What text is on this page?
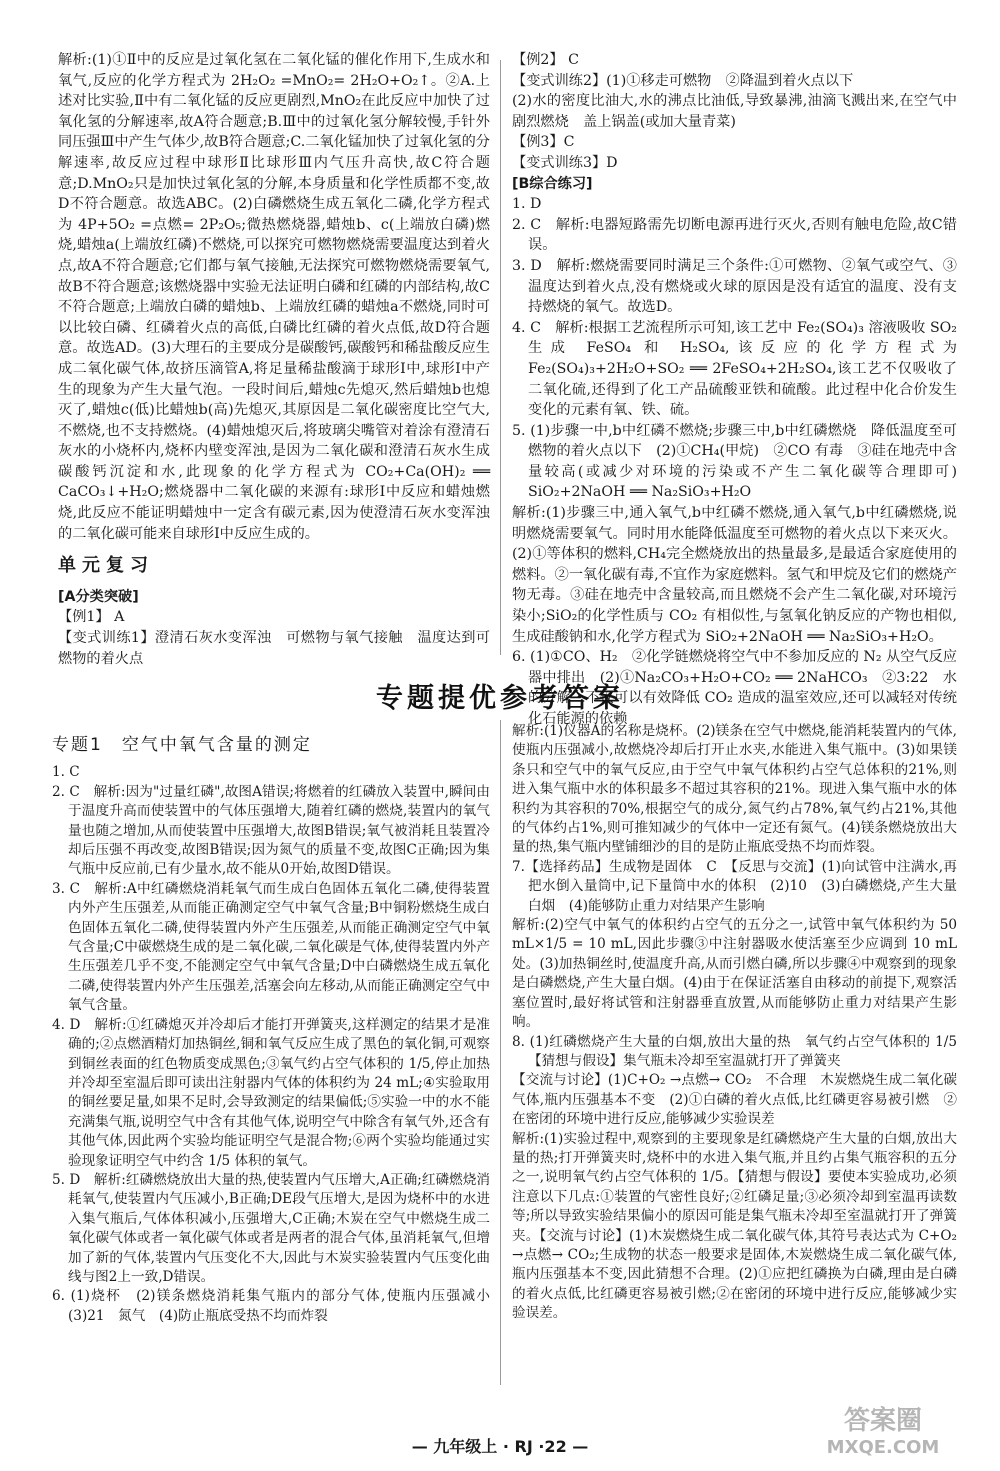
解析:(1)①Ⅱ中的反应是过氧化氢在二氧化锰的催化作用下,生成水和氧气,反应的化学方程式为 2H₂O₂ =MnO₂= 2H₂O+O₂↑。②A.上述对比实验,Ⅱ中有二氧化锰的反应更剧烈,MnO₂在此反应中加快了过氧化氢的分解速率,故A符合题意;B.Ⅲ中的过氧化氢分解较慢,手针外同压强Ⅲ中产生气体少,故B符合题意;C.二氧化锰加快了过氧化氢的分解速率,故反应过程中球形Ⅱ比球形Ⅲ内气压升高快,故C符合题意;D.MnO₂只是加快过氧化氢的分解,本身质量和化学性质都不变,故D不符合题意。故选ABC。(2)白磷燃烧生成五氧化二磷,化学方程式为 4P+5O₂ =点燃= 2P₂O₅;微热燃烧器,蜡烛b、c(上端放白磷)燃烧,蜡烛a(上端放红磷)不燃烧,可以探究可燃物燃烧需要温度达到着火点,故A不符合题意;它们都与氧气接触,无法探究可燃物燃烧需要氧气,故B不符合题意;该燃烧器中实验无法证明白磷和红磷的内部结构,故C不符合题意;上端放白磷的蜡烛b、上端放红磷的蜡烛a不燃烧,同时可以比较白磷、红磷着火点的高低,白磷比红磷的着火点低,故D符合题意。故选AD。(3)大理石的主要成分是碳酸钙,碳酸钙和稀盐酸反应生成二氧化碳气体,故挤压滴管A,将足量稀盐酸滴于球形Ⅰ中,球形Ⅰ中产生的现象为产生大量气泡。一段时间后,蜡烛c先熄灭,然后蜡烛b也熄灭了,蜡烛c(低)比蜡烛b(高)先熄灭,其原因是二氧化碳密度比空气大,不燃烧,也不支持燃烧。(4)蜡烛熄灭后,将玻璃尖嘴管对着涂有澄清石灰水的小烧杯内,烧杯内壁变浑浊,是因为二氧化碳和澄清石灰水生成碳酸钙沉淀和水,此现象的化学方程式为 CO₂+Ca(OH)₂ ══ CaCO₃↓+H₂O;燃烧器中二氧化碳的来源有:球形Ⅰ中反应和蜡烛燃烧,此反应不能证明蜡烛中一定含有碳元素,因为使澄清石灰水变浑浊的二氧化碳可能来自球形Ⅰ中反应生成的。

单元复习

[A分类突破]

【例1】 A

【变式训练1】澄清石灰水变浑浊　可燃物与氧气接触　温度达到可燃物的着火点

【例2】 C

【变式训练2】(1)①移走可燃物　②降温到着火点以下

(2)水的密度比油大,水的沸点比油低,导致暴沸,油滴飞溅出来,在空气中剧烈燃烧　盖上锅盖(或加大量青菜)

【例3】C

【变式训练3】D

[B综合练习]

1. D

2. C　解析:电器短路需先切断电源再进行灭火,否则有触电危险,故C错误。

3. D　解析:燃烧需要同时满足三个条件:①可燃物、②氧气或空气、③温度达到着火点,没有燃烧或火球的原因是没有适宜的温度、没有支持燃烧的氧气。故选D。

4. C　解析:根据工艺流程所示可知,该工艺中 Fe₂(SO₄)₃ 溶液吸收 SO₂ 生成 FeSO₄ 和 H₂SO₄,该反应的化学方程式为 Fe₂(SO₄)₃+2H₂O+SO₂ ══ 2FeSO₄+2H₂SO₄,该工艺不仅吸收了二氧化硫,还得到了化工产品硫酸亚铁和硫酸。此过程中化合价发生变化的元素有氧、铁、硫。

5. (1)步骤一中,b中红磷不燃烧;步骤三中,b中红磷燃烧　降低温度至可燃物的着火点以下　(2)①CH₄(甲烷)　②CO 有毒　③硅在地壳中含量较高(或减少对环境的污染或不产生二氧化碳等合理即可)　SiO₂+2NaOH ══ Na₂SiO₃+H₂O

解析:(1)步骤三中,通入氧气,b中红磷不燃烧,通入氧气,b中红磷燃烧,说明燃烧需要氧气。同时用水能降低温度至可燃物的着火点以下来灭火。(2)①等体积的燃料,CH₄完全燃烧放出的热量最多,是最适合家庭使用的燃料。②一氧化碳有毒,不宜作为家庭燃料。氢气和甲烷及它们的燃烧产物无毒。③硅在地壳中含量较高,而且燃烧不会产生二氧化碳,对环境污染小;SiO₂的化学性质与 CO₂ 有相似性,与氢氧化钠反应的产物也相似,生成硅酸钠和水,化学方程式为 SiO₂+2NaOH ══ Na₂SiO₃+H₂O。

6. (1)①CO、H₂　②化学链燃烧将空气中不参加反应的 N₂ 从空气反应器中排出　(2)①Na₂CO₃+H₂O+CO₂ ══ 2NaHCO₃　②3:22　水的分解　不仅可以有效降低 CO₂ 造成的温室效应,还可以减轻对传统化石能源的依赖

专题提优参考答案

专题1　空气中氧气含量的测定

1. C

2. C　解析:因为"过量红磷",故图A错误;将燃着的红磷放入装置中,瞬间由于温度升高而使装置中的气体压强增大,随着红磷的燃烧,装置内的氧气量也随之增加,从而使装置中压强增大,故图B错误;氧气被消耗且装置冷却后压强不再改变,故图B错误;因为氮气的质量不变,故图C正确;因为集气瓶中反应前,已有少量水,故不能从0开始,故图D错误。

3. C　解析:A中红磷燃烧消耗氧气而生成白色固体五氧化二磷,使得装置内外产生压强差,从而能正确测定空气中氧气含量;B中铜粉燃烧生成白色固体五氧化二磷,使得装置内外产生压强差,从而能正确测定空气中氧气含量;C中碳燃烧生成的是二氧化碳,二氧化碳是气体,使得装置内外产生压强差几乎不变,不能测定空气中氧气含量;D中白磷燃烧生成五氧化二磷,使得装置内外产生压强差,活塞会向左移动,从而能正确测定空气中氧气含量。

4. D　解析:①红磷熄灭并冷却后才能打开弹簧夹,这样测定的结果才是准确的;②点燃酒精灯加热铜丝,铜和氧气反应生成了黑色的氧化铜,可观察到铜丝表面的红色物质变成黑色;③氧气约占空气体积的 1/5,停止加热并冷却至室温后即可读出注射器内气体的体积约为 24 mL;④实验取用的铜丝要足量,如果不足时,会导致测定的结果偏低;⑤实验一中的水不能充满集气瓶,说明空气中含有其他气体,说明空气中除含有氧气外,还含有其他气体,因此两个实验均能证明空气是混合物;⑥两个实验均能通过实验现象证明空气中约含 1/5 体积的氧气。

5. D　解析:红磷燃烧放出大量的热,使装置内气压增大,A正确;红磷燃烧消耗氧气,使装置内气压减小,B正确;DE段气压增大,是因为烧杯中的水进入集气瓶后,气体体积减小,压强增大,C正确;木炭在空气中燃烧生成二氧化碳气体或者一氧化碳气体或者是两者的混合气体,虽消耗氧气,但增加了新的气体,装置内气压变化不大,因此与木炭实验装置内气压变化曲线与图2上一致,D错误。

6. (1)烧杯　(2)镁条燃烧消耗集气瓶内的部分气体,使瓶内压强减小　(3)21　氮气　(4)防止瓶底受热不均而炸裂

解析:(1)仪器A的名称是烧杯。(2)镁条在空气中燃烧,能消耗装置内的气体,使瓶内压强减小,故燃烧冷却后打开止水夹,水能进入集气瓶中。(3)如果镁条只和空气中的氧气反应,由于空气中氧气体积约占空气总体积的21%,则进入集气瓶中水的体积最多不超过其容积的21%。现进入集气瓶中水的体积约为其容积的70%,根据空气的成分,氮气约占78%,氧气约占21%,其他的气体约占1%,则可推知减少的气体中一定还有氮气。(4)镁条燃烧放出大量的热,集气瓶内壁铺细沙的目的是防止瓶底受热不均而炸裂。

7.【选择药品】生成物是固体　C　【反思与交流】(1)向试管中注满水,再把水倒入量筒中,记下量筒中水的体积　(2)10　(3)白磷燃烧,产生大量白烟　(4)能够防止重力对结果产生影响

解析:(2)空气中氧气的体积约占空气的五分之一,试管中氧气体积约为 50 mL×1/5 = 10 mL,因此步骤③中注射器吸水使活塞至少应调到 10 mL 处。(3)加热铜丝时,使温度升高,从而引燃白磷,所以步骤④中观察到的现象是白磷燃烧,产生大量白烟。(4)由于在保证活塞自由移动的前提下,观察活塞位置时,最好将试管和注射器垂直放置,从而能够防止重力对结果产生影响。

8. (1)红磷燃烧产生大量的白烟,放出大量的热　氧气约占空气体积的 1/5　【猜想与假设】集气瓶未冷却至室温就打开了弹簧夹

【交流与讨论】(1)C+O₂ →点燃→ CO₂　不合理　木炭燃烧生成二氧化碳气体,瓶内压强基本不变　(2)①白磷的着火点低,比红磷更容易被引燃　②在密闭的环境中进行反应,能够减少实验误差

解析:(1)实验过程中,观察到的主要现象是红磷燃烧产生大量的白烟,放出大量的热;打开弹簧夹时,烧杯中的水进入集气瓶,并且约占集气瓶容积的五分之一,说明氧气约占空气体积的 1/5。【猜想与假设】要使本实验成功,必须注意以下几点:①装置的气密性良好;②红磷足量;③必须冷却到室温再读数等;所以导致实验结果偏小的原因可能是集气瓶未冷却至室温就打开了弹簧夹。【交流与讨论】(1)木炭燃烧生成二氧化碳气体,其符号表达式为 C+O₂ →点燃→ CO₂;生成物的状态一般要求是固体,木炭燃烧生成二氧化碳气体,瓶内压强基本不变,因此猜想不合理。(2)①应把红磷换为白磷,理由是白磷的着火点低,比红磷更容易被引燃;②在密闭的环境中进行反应,能够减少实验误差。

— 九年级上 · RJ ·22 —
答案圈
MXQE.COM
